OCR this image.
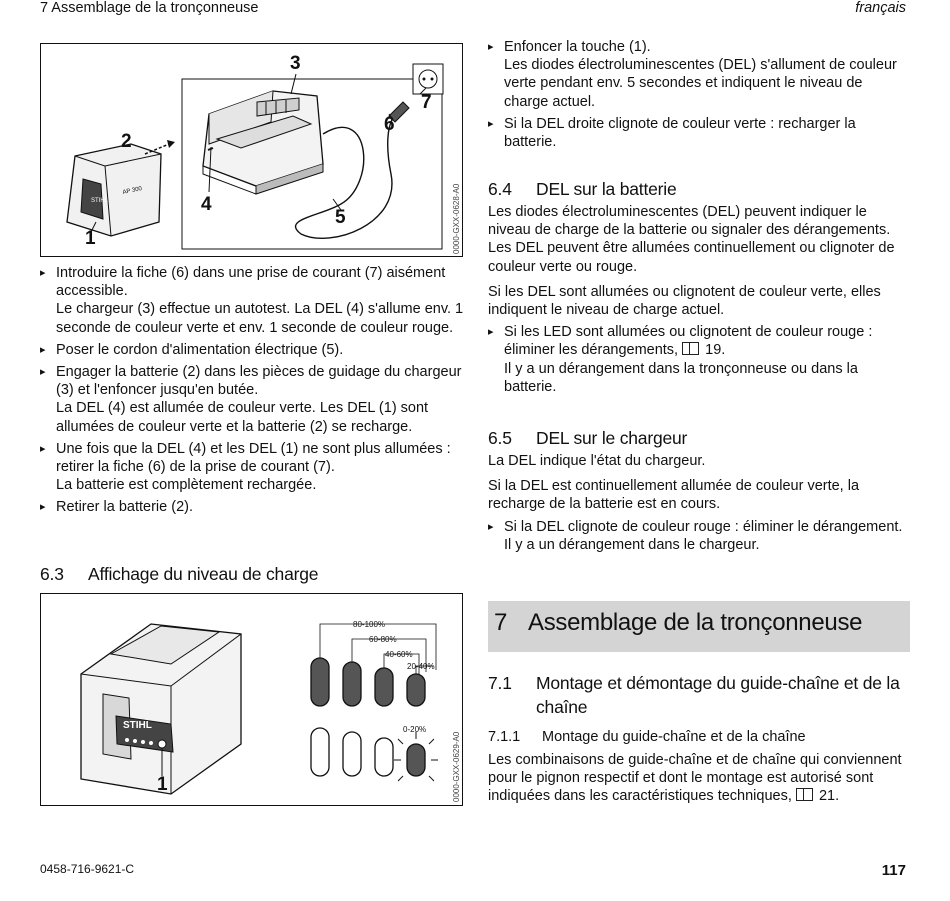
7 Assemblage de la tronçonneuse	français
STIHL
AP 300
3
2
7
6
4
5
1	0000-GXX-0628-A0
▸ Introduire la fiche (6) dans une prise de courant (7) aisément accessible.
Le chargeur (3) effectue un autotest. La DEL (4) s'allume env. 1 seconde de couleur verte et env. 1 seconde de couleur rouge.
▸ Poser le cordon d'alimentation électrique (5).
▸ Engager la batterie (2) dans les pièces de guidage du chargeur (3) et l'enfoncer jusqu'en butée.
La DEL (4) est allumée de couleur verte. Les DEL (1) sont allumées de couleur verte et la batterie (2) se recharge.
▸ Une fois que la DEL (4) et les DEL (1) ne sont plus allumées : retirer la fiche (6) de la prise de courant (7).
La batterie est complètement rechargée.
▸ Retirer la batterie (2).
6.3 Affichage du niveau de charge
STIHL
80-100%
60-80%
40-60%
20-40%
0-20%
1	0000-GXX-0629-A0
▸ Enfoncer la touche (1).
Les diodes électroluminescentes (DEL) s'allument de couleur verte pendant env. 5 secondes et indiquent le niveau de charge actuel.
▸ Si la DEL droite clignote de couleur verte : recharger la batterie.
6.4 DEL sur la batterie

Les diodes électroluminescentes (DEL) peuvent indiquer le niveau de charge de la batterie ou signaler des dérangements. Les DEL peuvent être allumées continuellement ou clignoter de couleur verte ou rouge.

Si les DEL sont allumées ou clignotent de couleur verte, elles indiquent le niveau de charge actuel.

▸ Si les LED sont allumées ou clignotent de couleur rouge : éliminer les dérangements, 19.
Il y a un dérangement dans la tronçonneuse ou dans la batterie.
6.5 DEL sur le chargeur

La DEL indique l'état du chargeur.

Si la DEL est continuellement allumée de couleur verte, la recharge de la batterie est en cours.

▸ Si la DEL clignote de couleur rouge : éliminer le dérangement.
Il y a un dérangement dans le chargeur.
7 Assemblage de la tronçonneuse
7.1 Montage et démontage du guide-chaîne et de la
chaîne
7.1.1 Montage du guide-chaîne et de la chaîne

Les combinaisons de guide-chaîne et de chaîne qui conviennent pour le pignon respectif et dont le montage est autorisé sont indiquées dans les caractéristiques techniques, 21.

0458-716-9621-C	117
